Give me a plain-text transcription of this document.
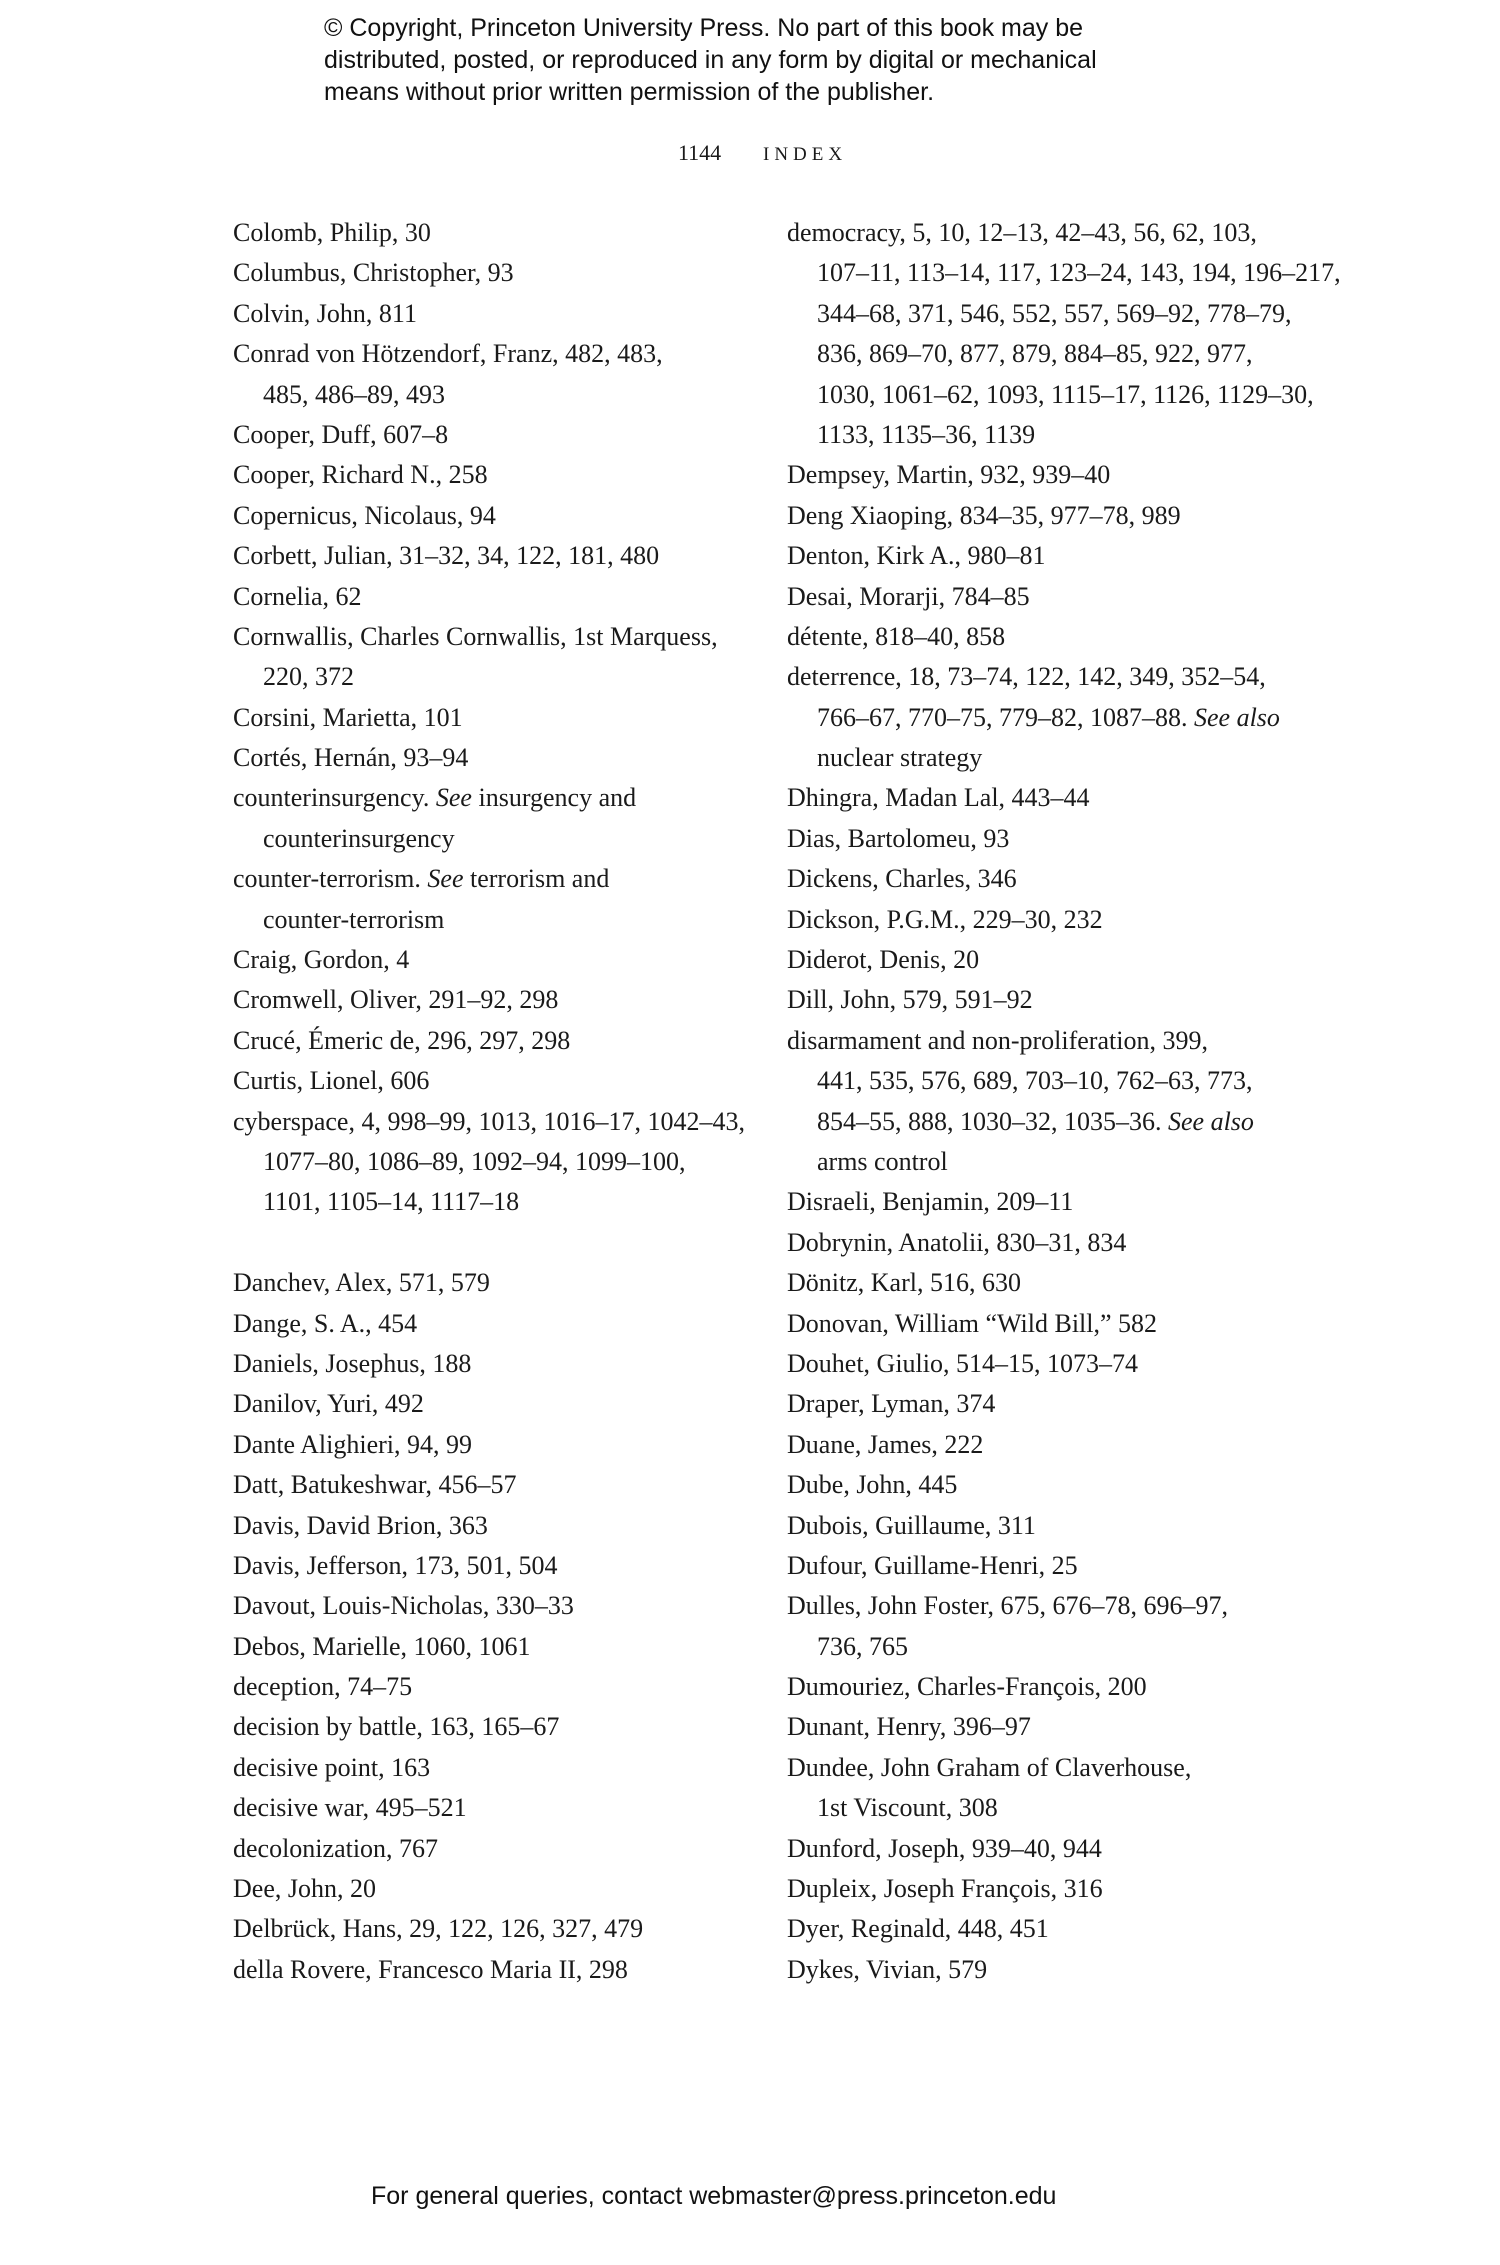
© Copyright, Princeton University Press. No part of this book may be
distributed, posted, or reproduced in any form by digital or mechanical
means without prior written permission of the publisher.
1144 INDEX
Colomb, Philip, 30
Columbus, Christopher, 93
Colvin, John, 811
Conrad von Hötzendorf, Franz, 482, 483,
485, 486–89, 493
Cooper, Duff, 607–8
Cooper, Richard N., 258
Copernicus, Nicolaus, 94
Corbett, Julian, 31–32, 34, 122, 181, 480
Cornelia, 62
Cornwallis, Charles Cornwallis, 1st Marquess,
220, 372
Corsini, Marietta, 101
Cortés, Hernán, 93–94
counterinsurgency. See insurgency and
counterinsurgency
counter-terrorism. See terrorism and
counter-terrorism
Craig, Gordon, 4
Cromwell, Oliver, 291–92, 298
Crucé, Émeric de, 296, 297, 298
Curtis, Lionel, 606
cyberspace, 4, 998–99, 1013, 1016–17, 1042–43,
1077–80, 1086–89, 1092–94, 1099–100,
1101, 1105–14, 1117–18
Danchev, Alex, 571, 579
Dange, S. A., 454
Daniels, Josephus, 188
Danilov, Yuri, 492
Dante Alighieri, 94, 99
Datt, Batukeshwar, 456–57
Davis, David Brion, 363
Davis, Jefferson, 173, 501, 504
Davout, Louis-Nicholas, 330–33
Debos, Marielle, 1060, 1061
deception, 74–75
decision by battle, 163, 165–67
decisive point, 163
decisive war, 495–521
decolonization, 767
Dee, John, 20
Delbrück, Hans, 29, 122, 126, 327, 479
della Rovere, Francesco Maria II, 298
democracy, 5, 10, 12–13, 42–43, 56, 62, 103,
107–11, 113–14, 117, 123–24, 143, 194, 196–217,
344–68, 371, 546, 552, 557, 569–92, 778–79,
836, 869–70, 877, 879, 884–85, 922, 977,
1030, 1061–62, 1093, 1115–17, 1126, 1129–30,
1133, 1135–36, 1139
Dempsey, Martin, 932, 939–40
Deng Xiaoping, 834–35, 977–78, 989
Denton, Kirk A., 980–81
Desai, Morarji, 784–85
détente, 818–40, 858
deterrence, 18, 73–74, 122, 142, 349, 352–54,
766–67, 770–75, 779–82, 1087–88. See also
nuclear strategy
Dhingra, Madan Lal, 443–44
Dias, Bartolomeu, 93
Dickens, Charles, 346
Dickson, P.G.M., 229–30, 232
Diderot, Denis, 20
Dill, John, 579, 591–92
disarmament and non-proliferation, 399,
441, 535, 576, 689, 703–10, 762–63, 773,
854–55, 888, 1030–32, 1035–36. See also
arms control
Disraeli, Benjamin, 209–11
Dobrynin, Anatolii, 830–31, 834
Dönitz, Karl, 516, 630
Donovan, William “Wild Bill,” 582
Douhet, Giulio, 514–15, 1073–74
Draper, Lyman, 374
Duane, James, 222
Dube, John, 445
Dubois, Guillaume, 311
Dufour, Guillame-Henri, 25
Dulles, John Foster, 675, 676–78, 696–97,
736, 765
Dumouriez, Charles-François, 200
Dunant, Henry, 396–97
Dundee, John Graham of Claverhouse,
1st Viscount, 308
Dunford, Joseph, 939–40, 944
Dupleix, Joseph François, 316
Dyer, Reginald, 448, 451
Dykes, Vivian, 579
For general queries, contact webmaster@press.princeton.edu
